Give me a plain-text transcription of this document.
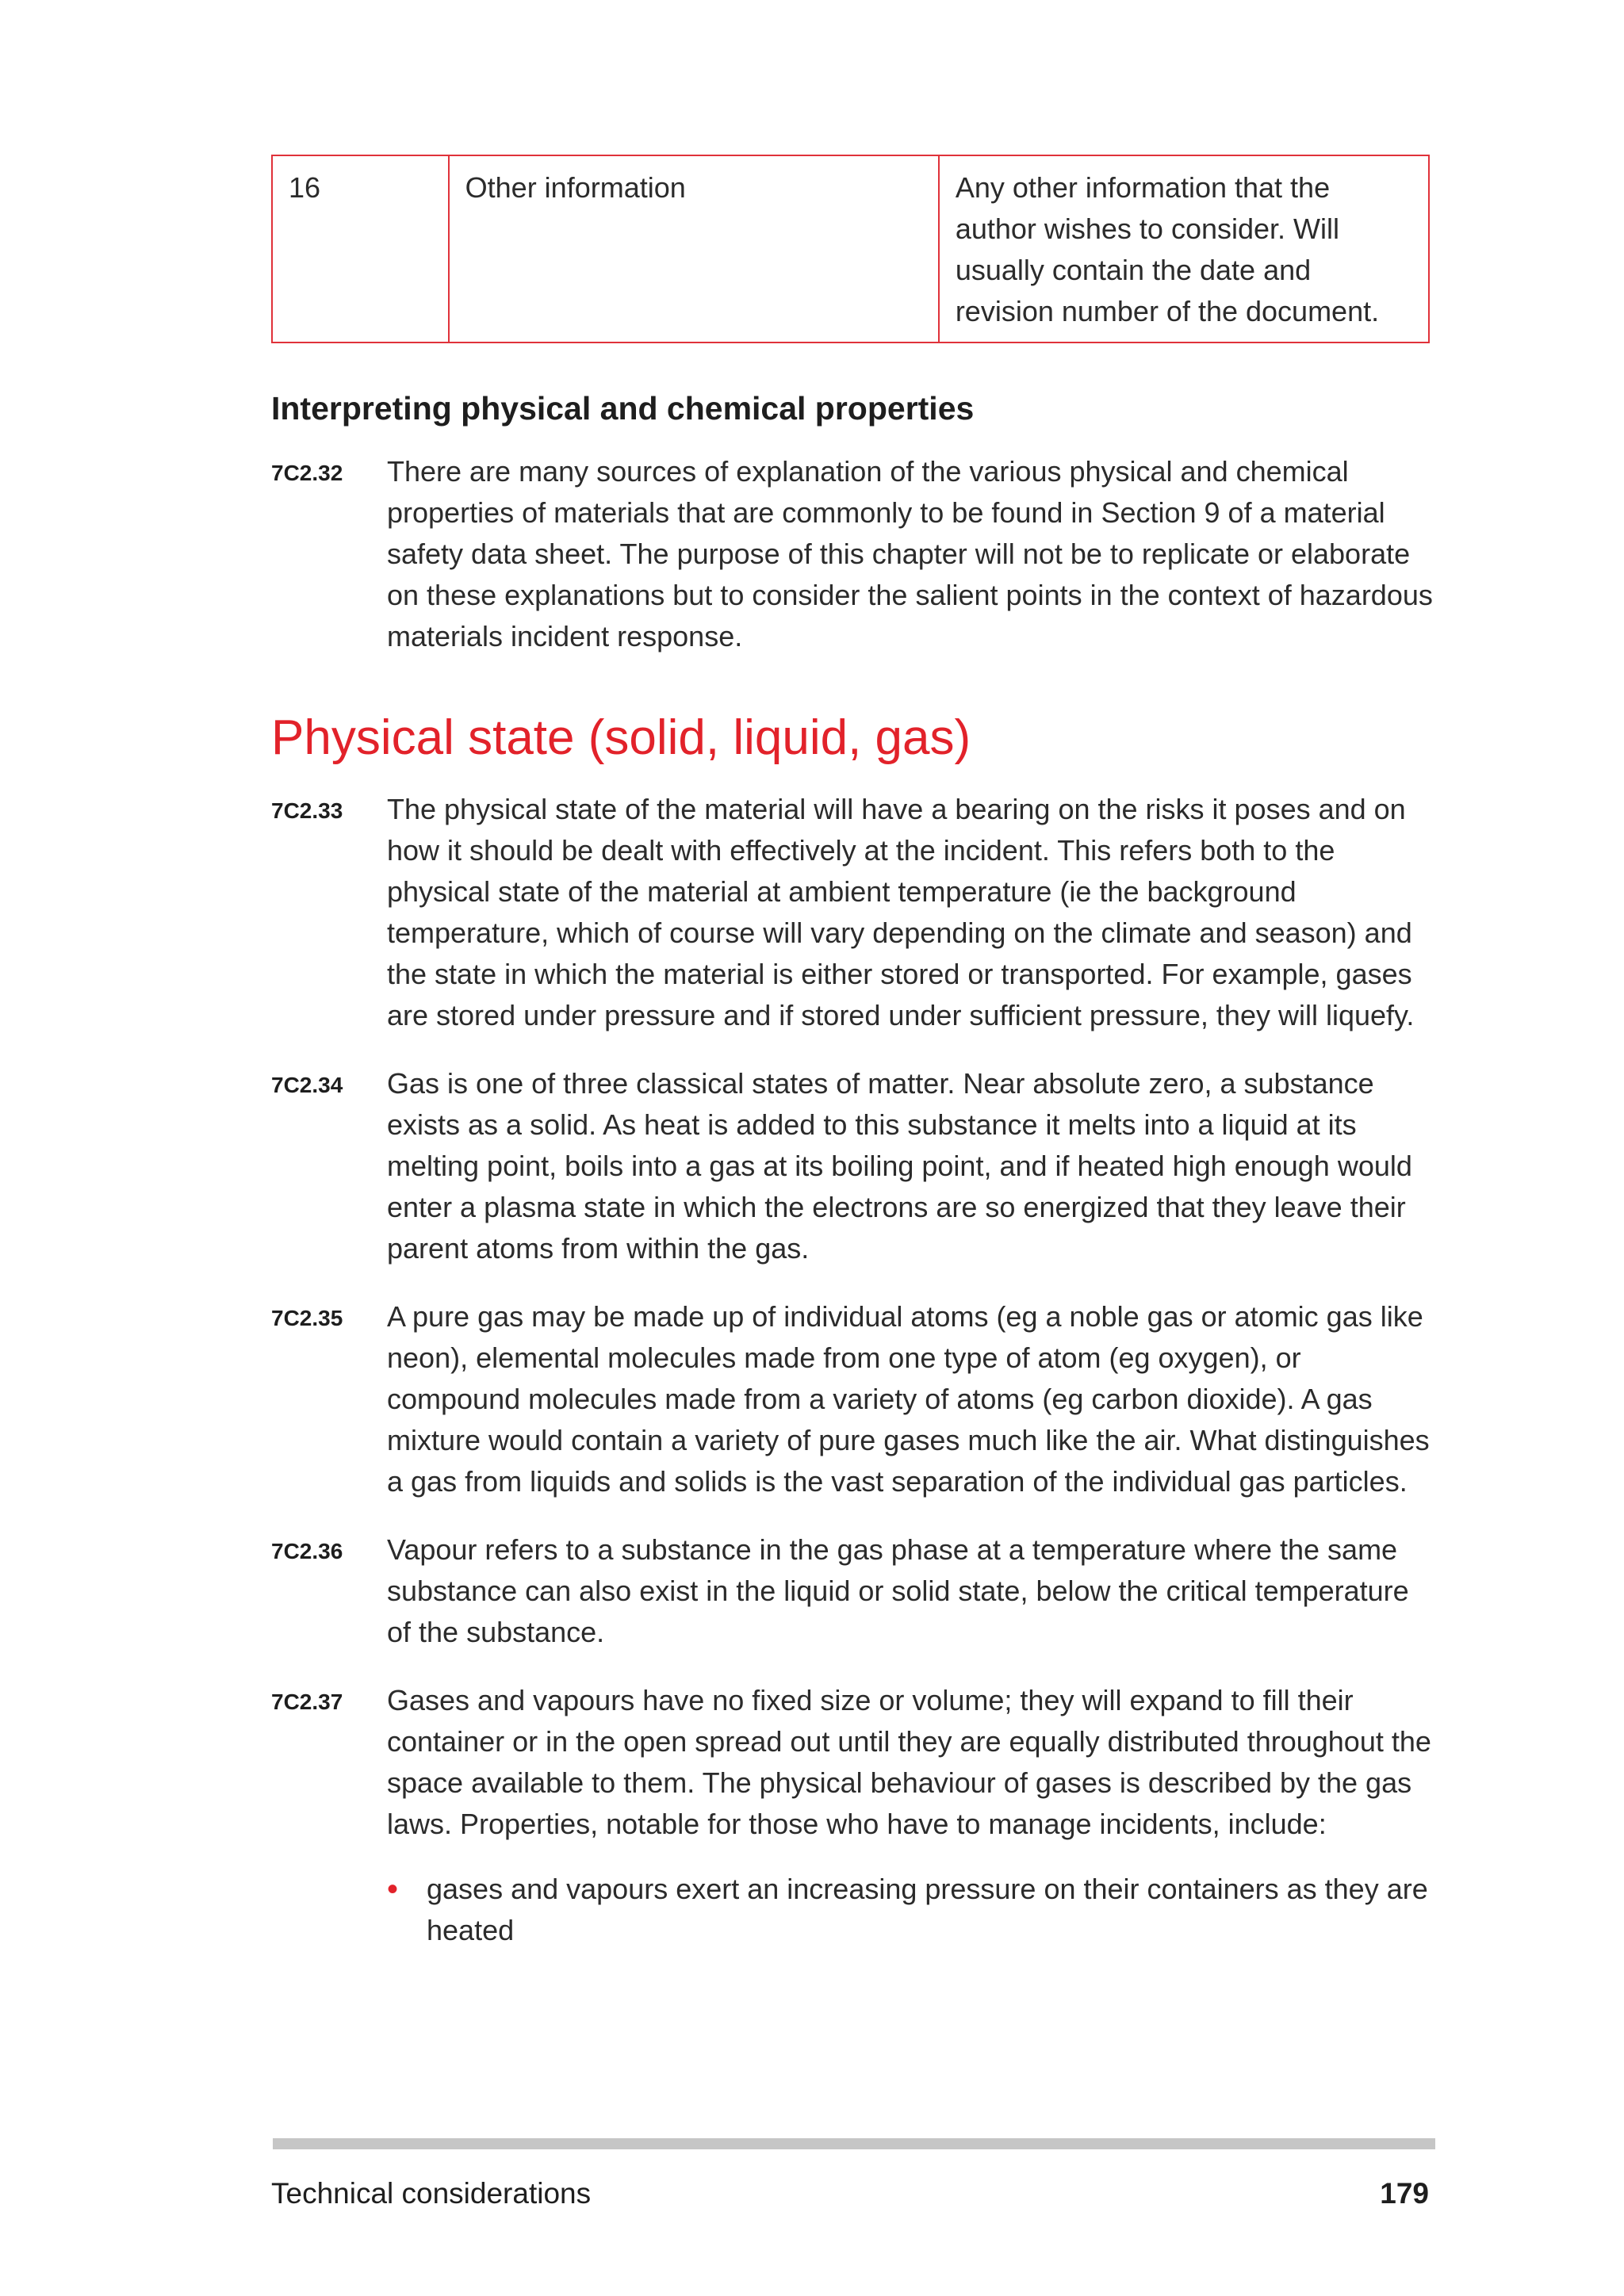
16	Other information	Any other information that the author wishes to consider. Will usually contain the date and revision number of the document.
Interpreting physical and chemical properties
7C2.32	There are many sources of explanation of the various physical and chemical properties of materials that are commonly to be found in Section 9 of a material safety data sheet. The purpose of this chapter will not be to replicate or elaborate on these explanations but to consider the salient points in the context of hazardous materials incident response.
Physical state (solid, liquid, gas)
7C2.33	The physical state of the material will have a bearing on the risks it poses and on how it should be dealt with effectively at the incident. This refers both to the physical state of the material at ambient temperature (ie the background temperature, which of course will vary depending on the climate and season) and the state in which the material is either stored or transported. For example, gases are stored under pressure and if stored under sufficient pressure, they will liquefy.
7C2.34	Gas is one of three classical states of matter. Near absolute zero, a substance exists as a solid. As heat is added to this substance it melts into a liquid at its melting point, boils into a gas at its boiling point, and if heated high enough would enter a plasma state in which the electrons are so energized that they leave their parent atoms from within the gas.
7C2.35	A pure gas may be made up of individual atoms (eg a noble gas or atomic gas like neon), elemental molecules made from one type of atom (eg oxygen), or compound molecules made from a variety of atoms (eg carbon dioxide). A gas mixture would contain a variety of pure gases much like the air. What distinguishes a gas from liquids and solids is the vast separation of the individual gas particles.
7C2.36	Vapour refers to a substance in the gas phase at a temperature where the same substance can also exist in the liquid or solid state, below the critical temperature of the substance.
7C2.37	Gases and vapours have no fixed size or volume; they will expand to fill their container or in the open spread out until they are equally distributed throughout the space available to them. The physical behaviour of gases is described by the gas laws. Properties, notable for those who have to manage incidents, include:
• gases and vapours exert an increasing pressure on their containers as they are heated
Technical considerations	179
